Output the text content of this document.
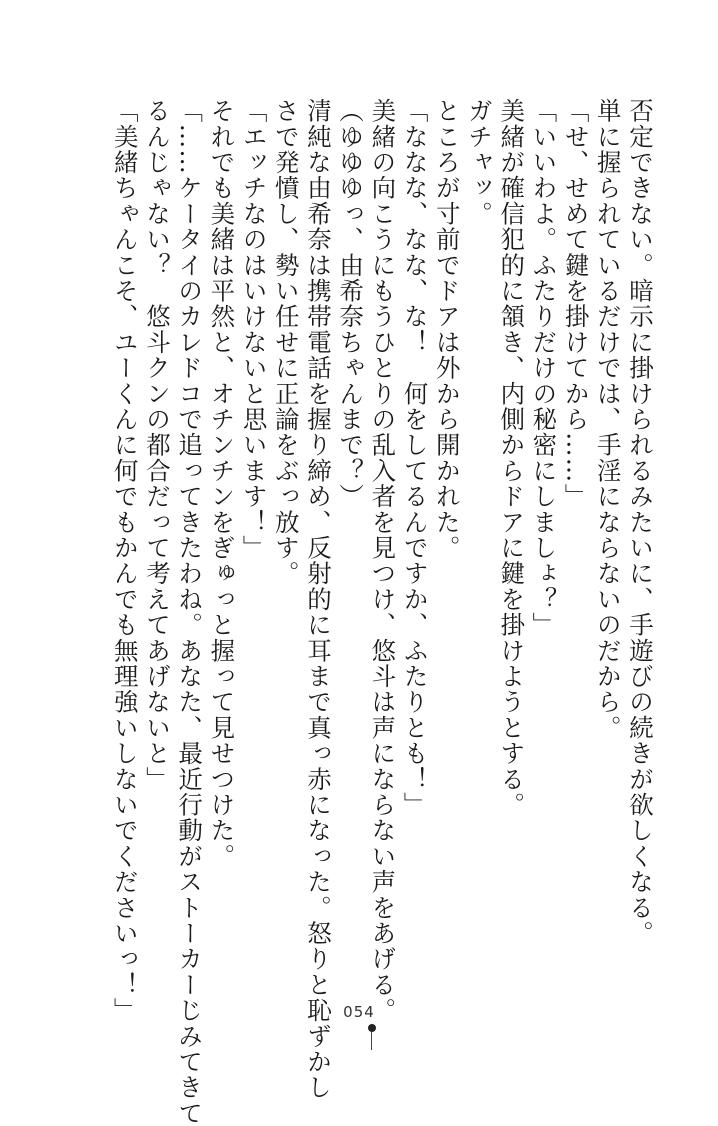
否定できない。暗示に掛けられるみたいに、手遊びの続きが欲しくなる。
単に握られているだけでは、手淫にならないのだから。
「せ、せめて鍵を掛けてから……」
「いいわよ。ふたりだけの秘密にしましょ？」
美緒が確信犯的に頷き、内側からドアに鍵を掛けようとする。
ガチャッ。
ところが寸前でドアは外から開かれた。
「ななな、なな、な！　何をしてるんですか、ふたりとも！」
美緒の向こうにもうひとりの乱入者を見つけ、悠斗は声にならない声をあげる。
（ゆゆゆっ、由希奈ちゃんまで？）
清純な由希奈は携帯電話を握り締め、反射的に耳まで真っ赤になった。怒りと恥ずかし
さで発憤し、勢い任せに正論をぶっ放す。
「エッチなのはいけないと思います！」
それでも美緒は平然と、オチンチンをぎゅっと握って見せつけた。
「……ケータイのカレドコで追ってきたわね。あなた、最近行動がストーカーじみてきて
るんじゃない？　悠斗クンの都合だって考えてあげないと」
「美緒ちゃんこそ、ユーくんに何でもかんでも無理強いしないでくださいっ！」	054
